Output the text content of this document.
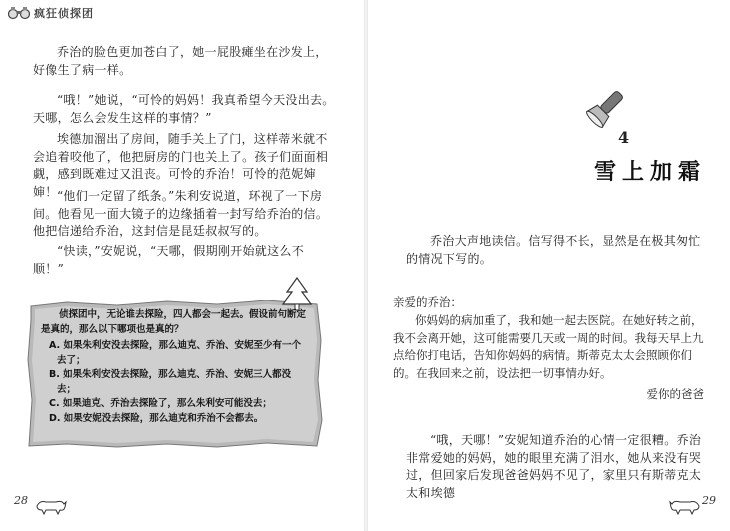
疯狂侦探团

乔治的脸色更加苍白了，她一屁股瘫坐在沙发上，好像生了病一样。

“哦！”她说，“可怜的妈妈！我真希望今天没出去。天哪，怎么会发生这样的事情？”

埃德加溜出了房间，随手关上了门，这样蒂米就不会追着咬他了，他把厨房的门也关上了。孩子们面面相觑，感到既难过又沮丧。可怜的乔治！可怜的范妮婶婶！ “他们一定留了纸条。”朱利安说道，环视了一下房间。他看见一面大镜子的边缘插着一封写给乔治的信。他把信递给乔治，这封信是昆廷叔叔写的。

“快读，”安妮说，“天哪，假期刚开始就这么不顺！”

侦探团中，无论谁去探险，四人都会一起去。假设前句断定是真的，那么以下哪项也是真的？

A. 如果朱利安没去探险，那么迪克、乔治、安妮至少有一个去了；

B. 如果朱利安没去探险，那么迪克、乔治、安妮三人都没去；

C. 如果迪克、乔治去探险了，那么朱利安可能没去；

D. 如果安妮没去探险，那么迪克和乔治不会都去。

28
4
雪上加霜

乔治大声地读信。信写得不长，显然是在极其匆忙的情况下写的。

亲爱的乔治：

你妈妈的病加重了，我和她一起去医院。在她好转之前，我不会离开她，这可能需要几天或一周的时间。我每天早上九点给你打电话，告知你妈妈的病情。斯蒂克太太会照顾你们的。在我回来之前，设法把一切事情办好。

爱你的爸爸

“哦，天哪！”安妮知道乔治的心情一定很糟。乔治非常爱她的妈妈，她的眼里充满了泪水，她从来没有哭过，但回家后发现爸爸妈妈不见了，家里只有斯蒂克太太和埃德

29
